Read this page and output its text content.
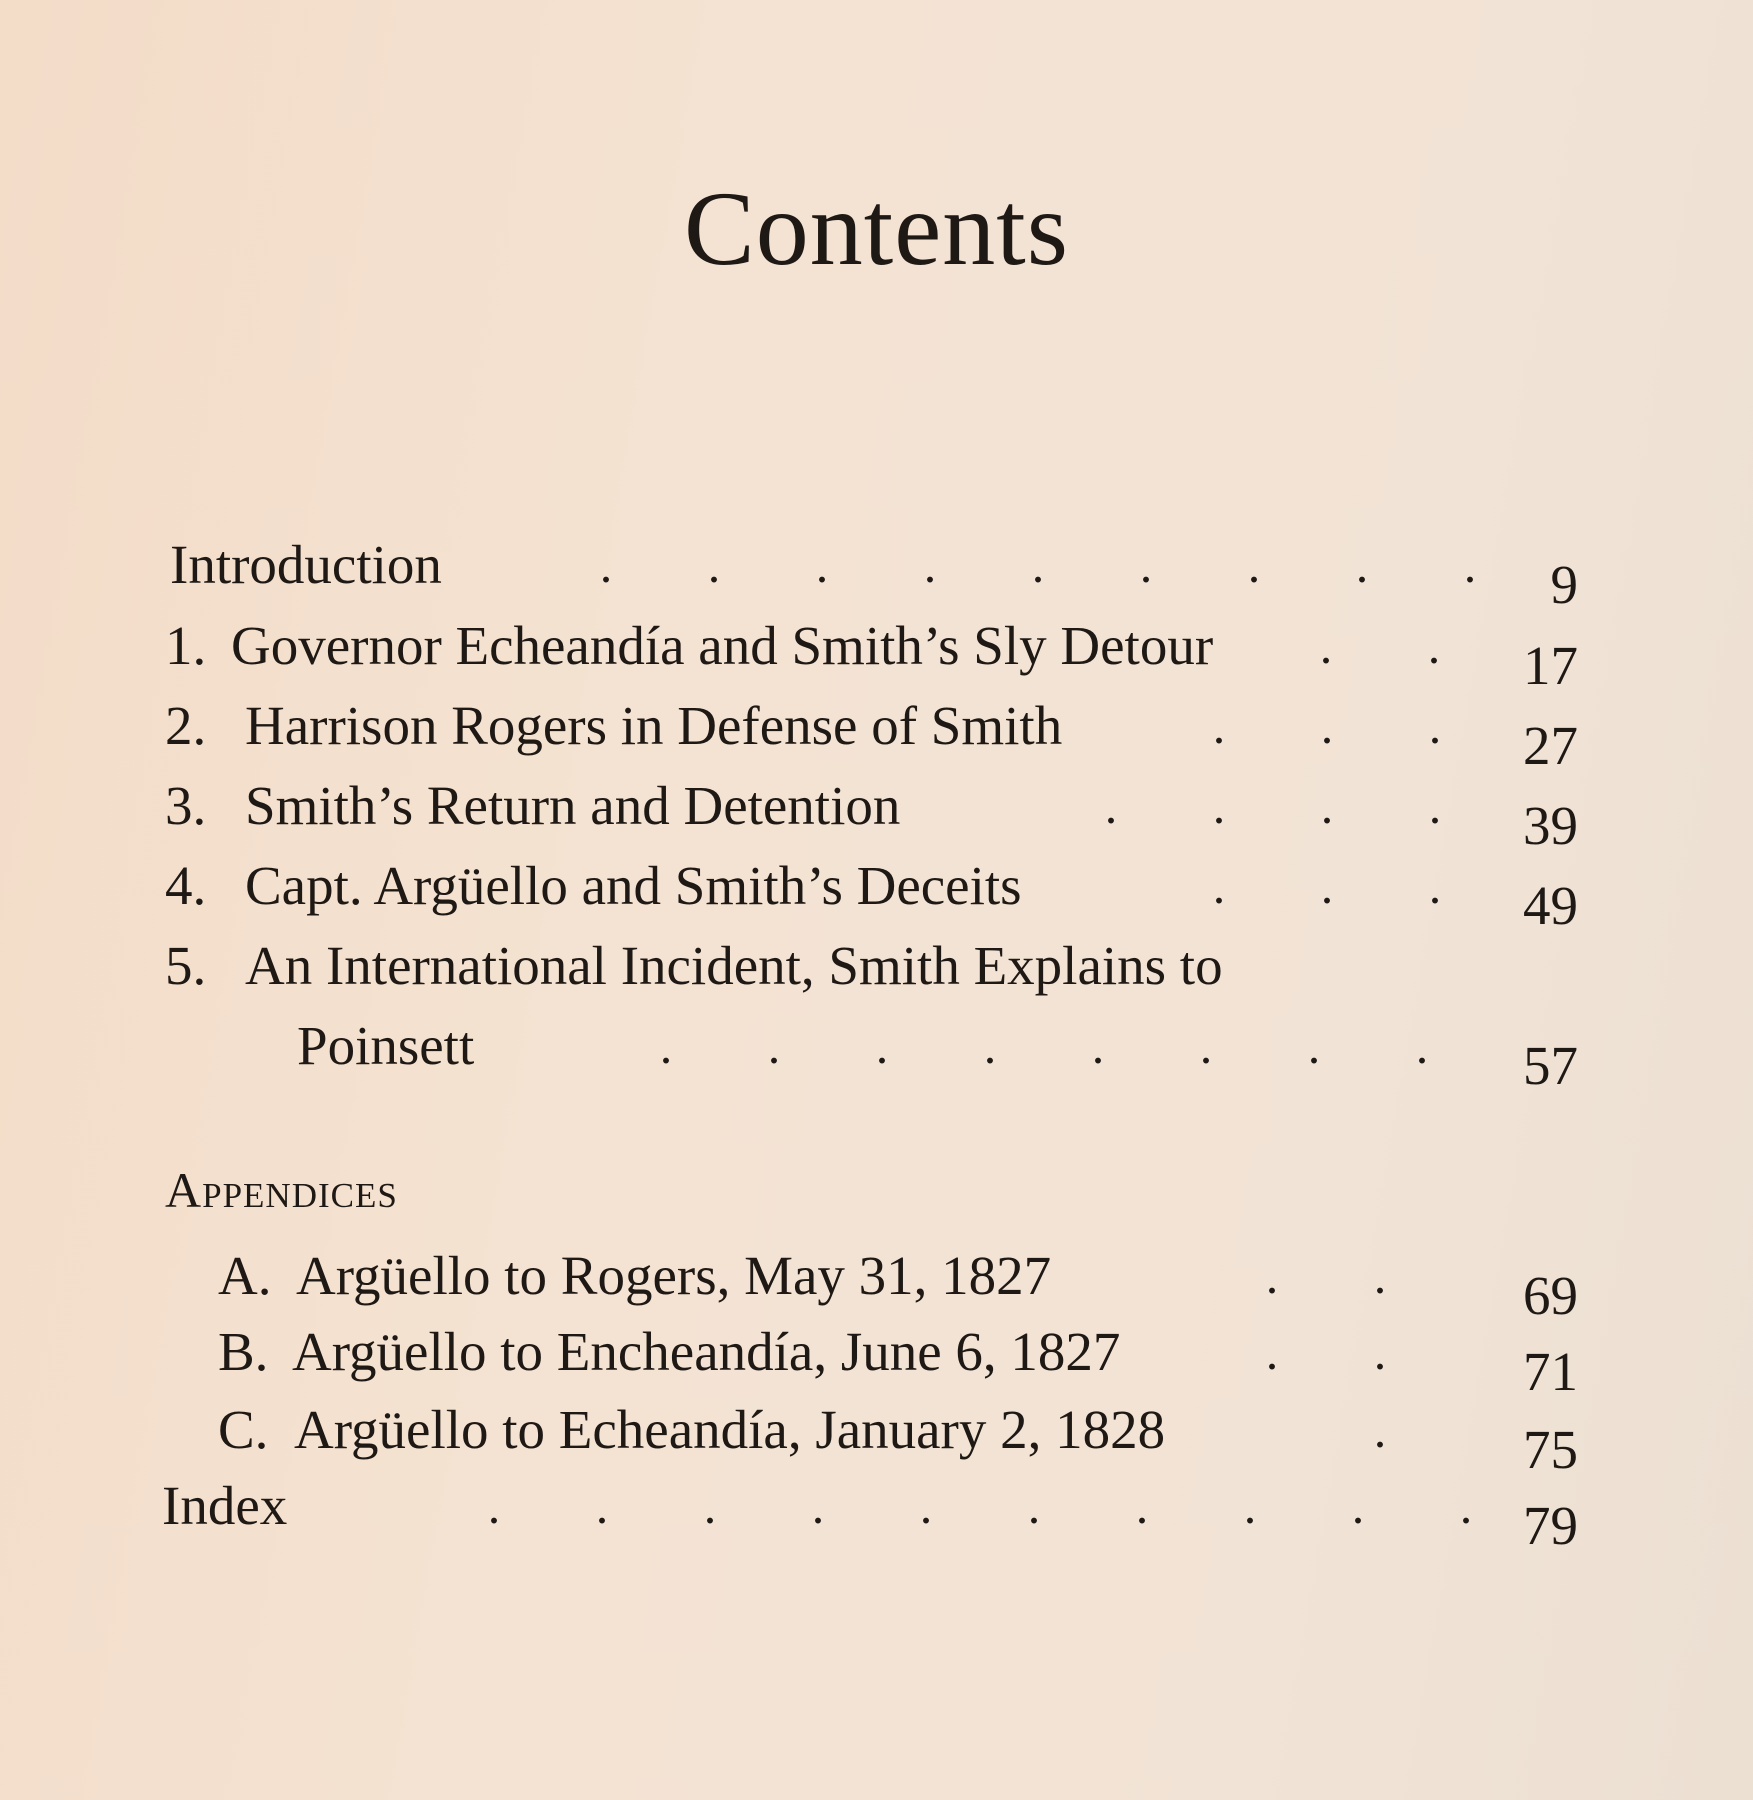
Contents
Introduction	. . . . . . . . .	9
1. Governor Echeandía and Smith’s Sly Detour	. .	17
2. Harrison Rogers in Defense of Smith	. . .	27
3. Smith’s Return and Detention	. . . .	39
4. Capt. Argüello and Smith’s Deceits	. . .	49
5. An International Incident, Smith Explains to
Poinsett	. . . . . . . .	57
Appendices
A. Argüello to Rogers, May 31, 1827	. .	69
B. Argüello to Encheandía, June 6, 1827	. .	71
C. Argüello to Echeandía, January 2, 1828	.	75
Index	. . . . . . . . . . 79
